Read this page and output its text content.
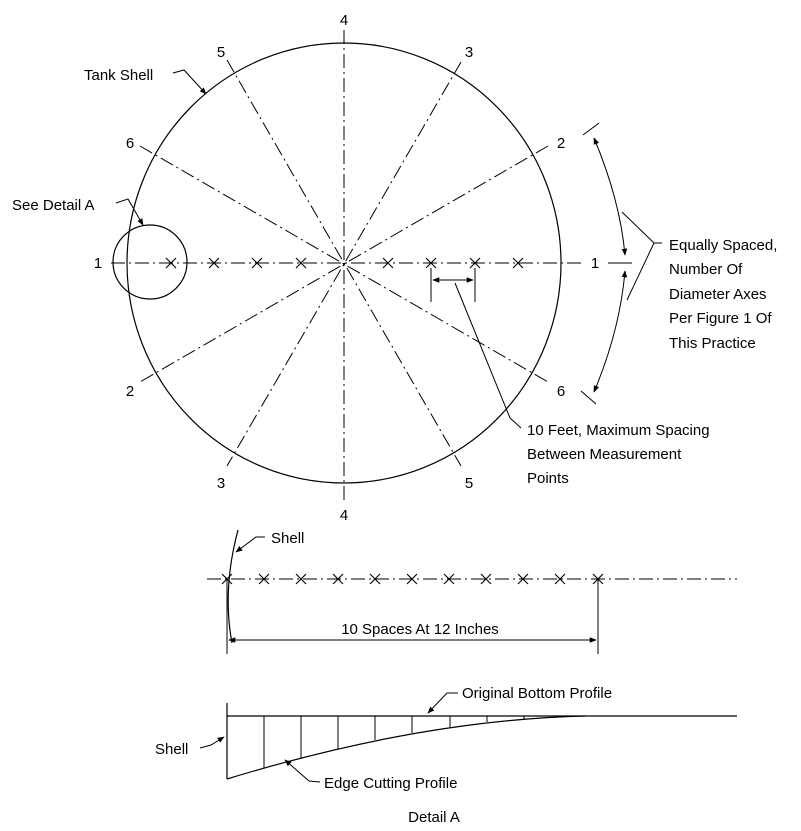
1	1
4
4
3
3
5
5
6
6
2
2
Tank Shell
See Detail A
10 Feet, Maximum Spacing
Between Measurement
Points
Equally Spaced,
Number Of
Diameter Axes
Per Figure 1 Of
This Practice
Shell
10 Spaces At 12 Inches
Original Bottom Profile
Shell
Edge Cutting Profile
Detail A
